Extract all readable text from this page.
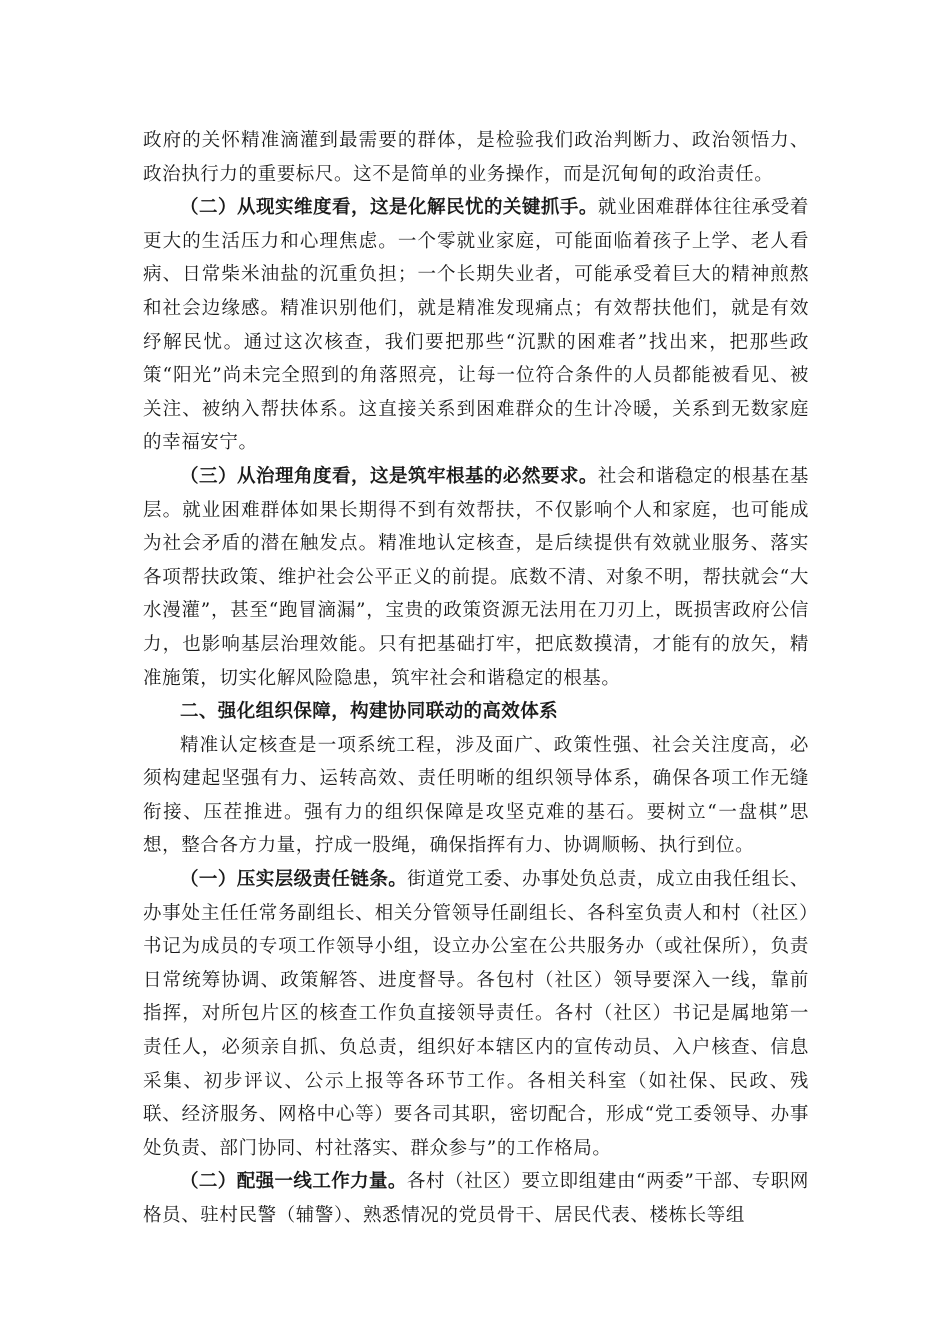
政府的关怀精准滴灌到最需要的群体，是检验我们政治判断力、政治领悟力、政治执行力的重要标尺。这不是简单的业务操作，而是沉甸甸的政治责任。

（二）从现实维度看，这是化解民忧的关键抓手。就业困难群体往往承受着更大的生活压力和心理焦虑。一个零就业家庭，可能面临着孩子上学、老人看病、日常柴米油盐的沉重负担；一个长期失业者，可能承受着巨大的精神煎熬和社会边缘感。精准识别他们，就是精准发现痛点；有效帮扶他们，就是有效纾解民忧。通过这次核查，我们要把那些“沉默的困难者”找出来，把那些政策“阳光”尚未完全照到的角落照亮，让每一位符合条件的人员都能被看见、被关注、被纳入帮扶体系。这直接关系到困难群众的生计冷暖，关系到无数家庭的幸福安宁。

（三）从治理角度看，这是筑牢根基的必然要求。社会和谐稳定的根基在基层。就业困难群体如果长期得不到有效帮扶，不仅影响个人和家庭，也可能成为社会矛盾的潜在触发点。精准地认定核查，是后续提供有效就业服务、落实各项帮扶政策、维护社会公平正义的前提。底数不清、对象不明，帮扶就会“大水漫灌”，甚至“跑冒滴漏”，宝贵的政策资源无法用在刀刃上，既损害政府公信力，也影响基层治理效能。只有把基础打牢，把底数摸清，才能有的放矢，精准施策，切实化解风险隐患，筑牢社会和谐稳定的根基。

二、强化组织保障，构建协同联动的高效体系

精准认定核查是一项系统工程，涉及面广、政策性强、社会关注度高，必须构建起坚强有力、运转高效、责任明晰的组织领导体系，确保各项工作无缝衔接、压茬推进。强有力的组织保障是攻坚克难的基石。要树立“一盘棋”思想，整合各方力量，拧成一股绳，确保指挥有力、协调顺畅、执行到位。

（一）压实层级责任链条。街道党工委、办事处负总责，成立由我任组长、办事处主任任常务副组长、相关分管领导任副组长、各科室负责人和村（社区）书记为成员的专项工作领导小组，设立办公室在公共服务办（或社保所），负责日常统筹协调、政策解答、进度督导。各包村（社区）领导要深入一线，靠前指挥，对所包片区的核查工作负直接领导责任。各村（社区）书记是属地第一责任人，必须亲自抓、负总责，组织好本辖区内的宣传动员、入户核查、信息采集、初步评议、公示上报等各环节工作。各相关科室（如社保、民政、残联、经济服务、网格中心等）要各司其职，密切配合，形成“党工委领导、办事处负责、部门协同、村社落实、群众参与”的工作格局。

（二）配强一线工作力量。各村（社区）要立即组建由“两委”干部、专职网格员、驻村民警（辅警）、熟悉情况的党员骨干、居民代表、楼栋长等组
